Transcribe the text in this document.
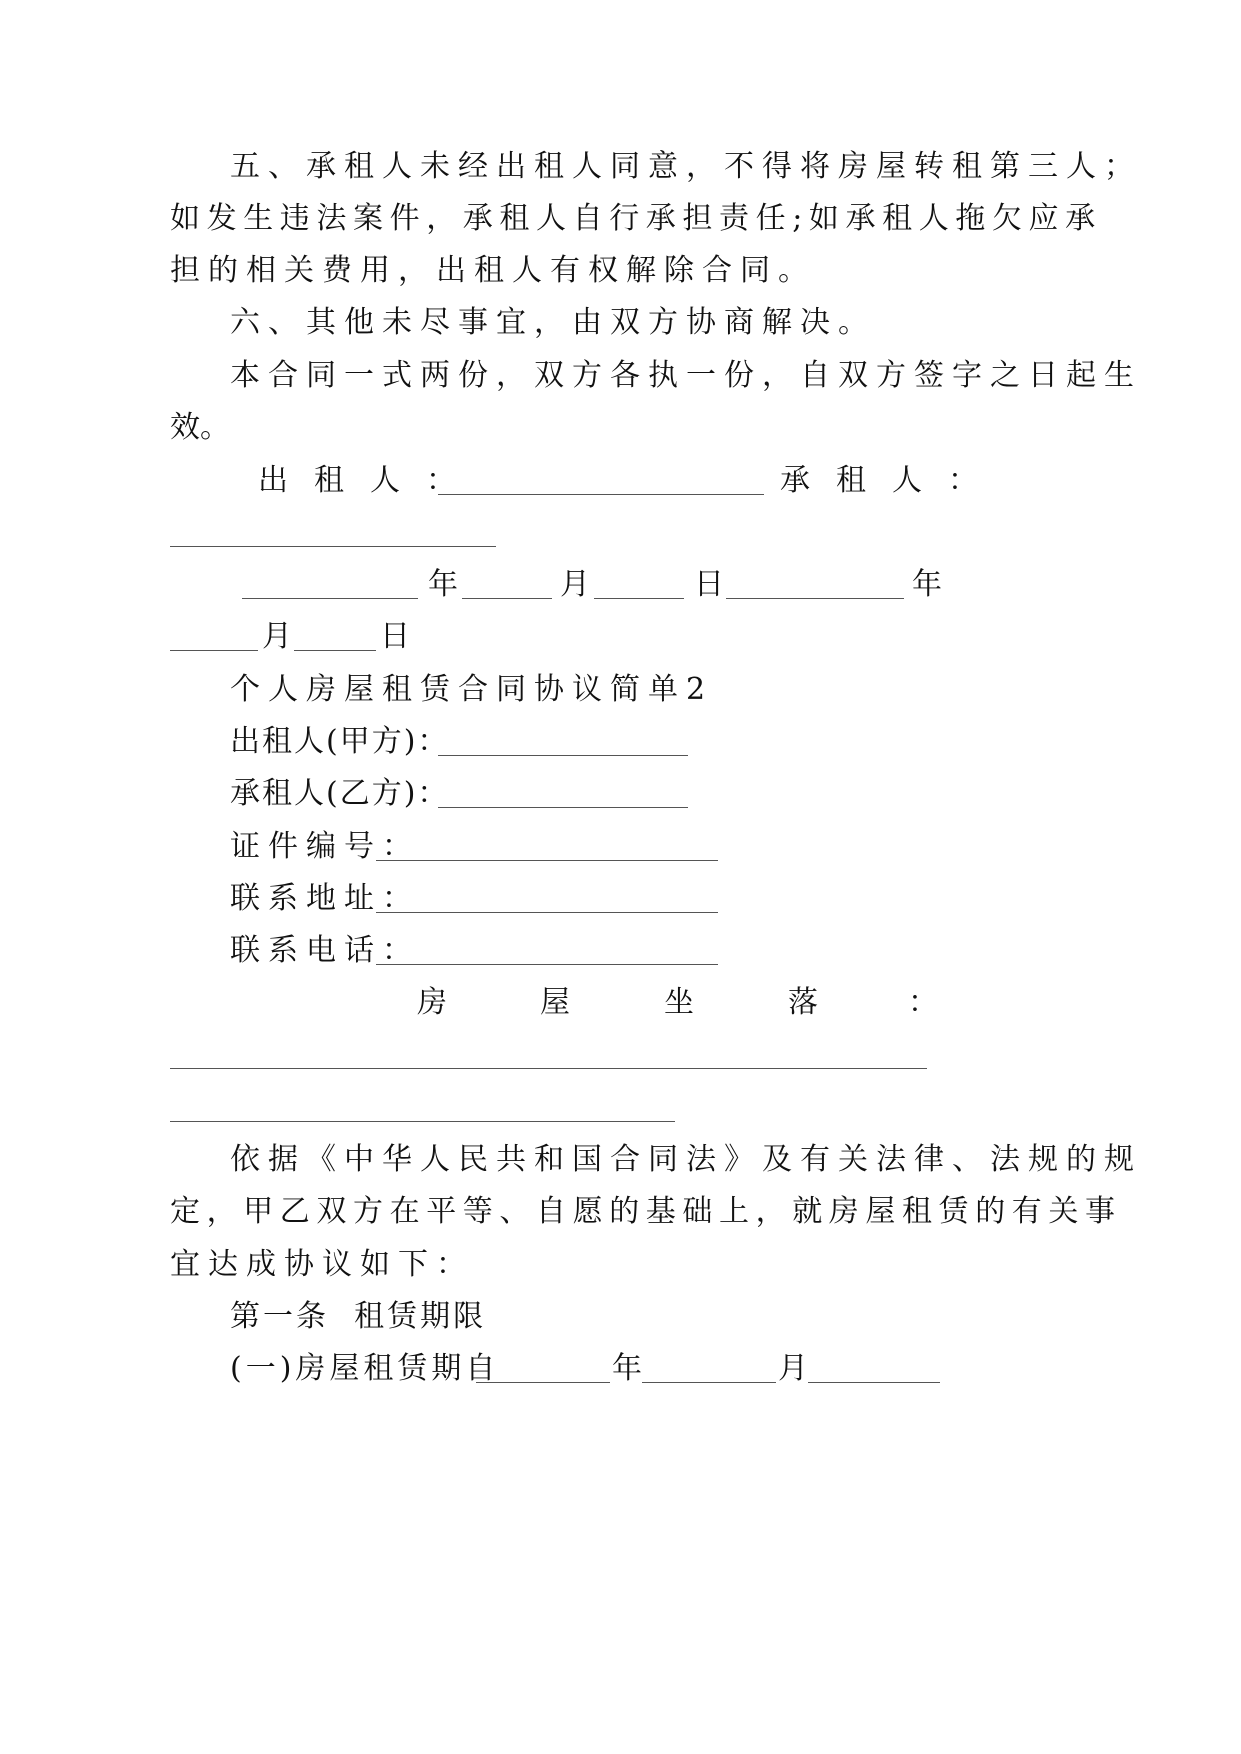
五、承租人未经出租人同意，不得将房屋转租第三人；
如发生违法案件，承租人自行承担责任;如承租人拖欠应承
担的相关费用，出租人有权解除合同。
六、其他未尽事宜，由双方协商解决。
本合同一式两份，双方各执一份，自双方签字之日起生
效。
出租人：	承租人：
年	月	日	年
月	日
个人房屋租赁合同协议简单2
出租人(甲方)：
承租人(乙方)：
证件编号：
联系地址：
联系电话：
房	屋	坐	落	：
依据《中华人民共和国合同法》及有关法律、法规的规
定，甲乙双方在平等、自愿的基础上，就房屋租赁的有关事
宜达成协议如下：
第一条  租赁期限
(一)房屋租赁期自	年	月
